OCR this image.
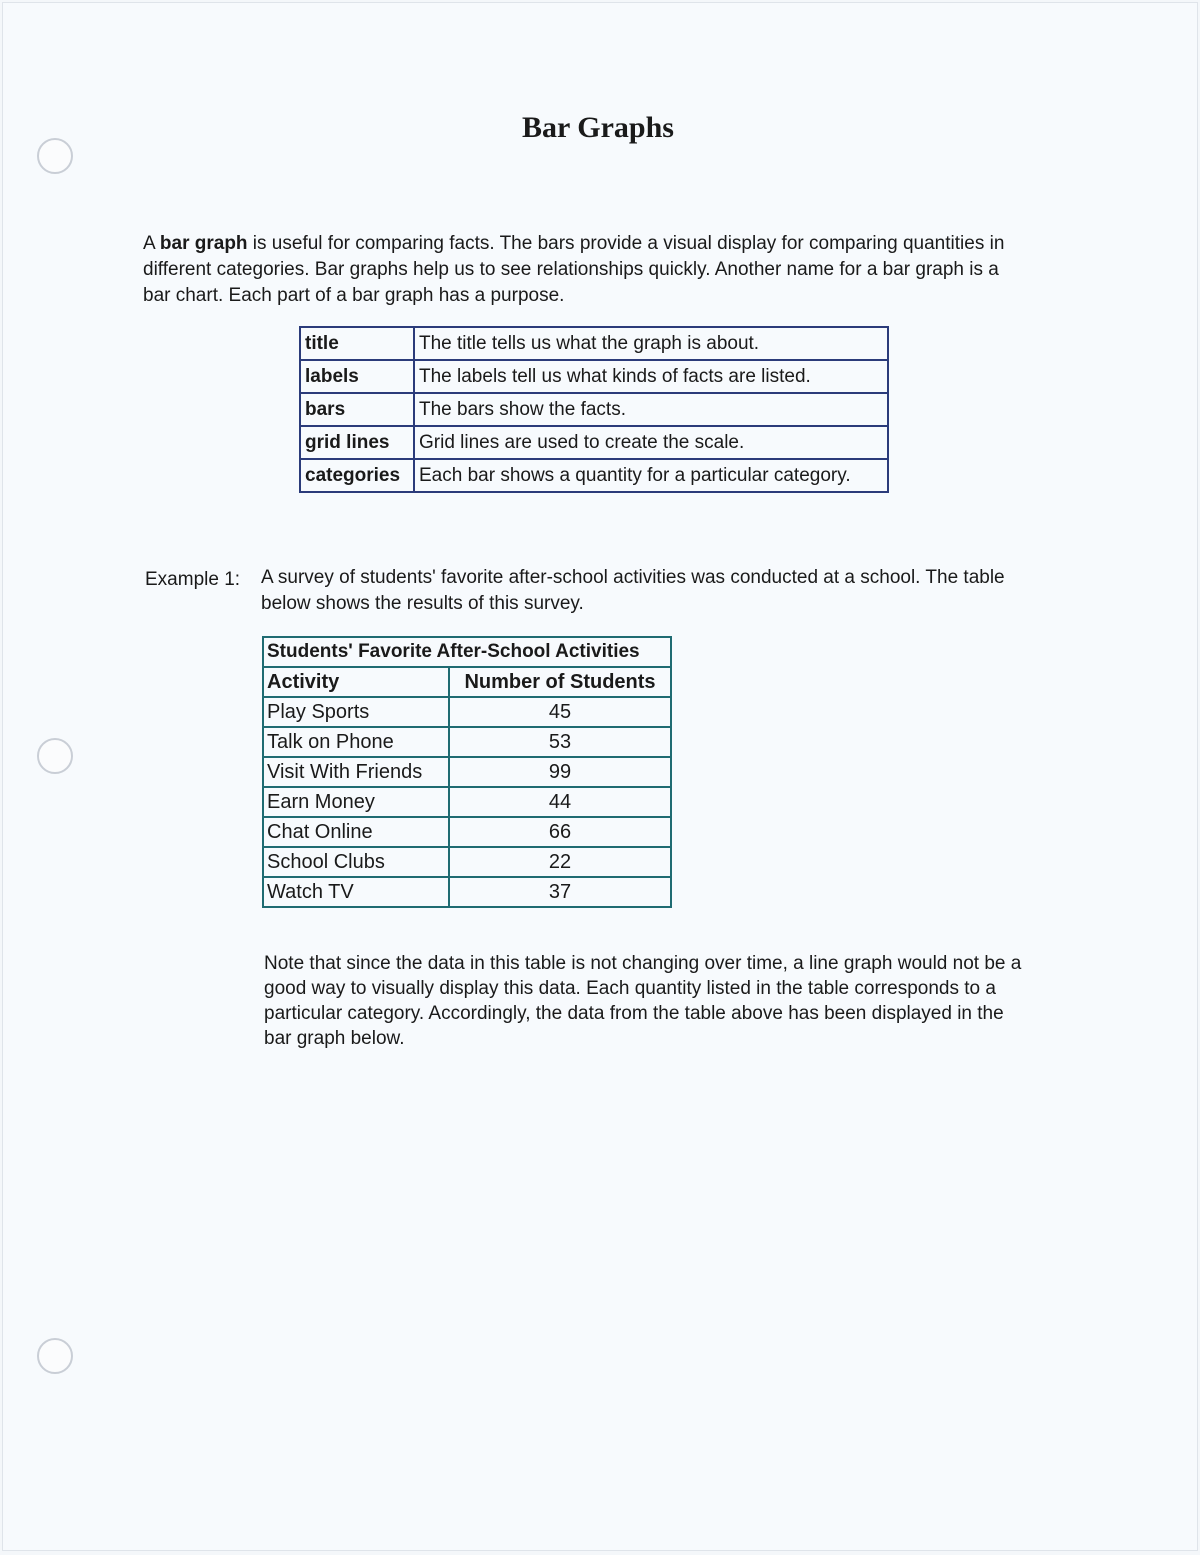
Bar Graphs
A bar graph is useful for comparing facts. The bars provide a visual display for comparing quantities in different categories. Bar graphs help us to see relationships quickly. Another name for a bar graph is a bar chart. Each part of a bar graph has a purpose.
title	The title tells us what the graph is about.
labels	The labels tell us what kinds of facts are listed.
bars	The bars show the facts.
grid lines	Grid lines are used to create the scale.
categories	Each bar shows a quantity for a particular category.
Example 1: A survey of students' favorite after-school activities was conducted at a school. The table below shows the results of this survey.
Students' Favorite After-School Activities	
Activity	Number of Students
Play Sports	45
Talk on Phone	53
Visit With Friends	99
Earn Money	44
Chat Online	66
School Clubs	22
Watch TV	37
Note that since the data in this table is not changing over time, a line graph would not be a good way to visually display this data. Each quantity listed in the table corresponds to a particular category. Accordingly, the data from the table above has been displayed in the bar graph below.
